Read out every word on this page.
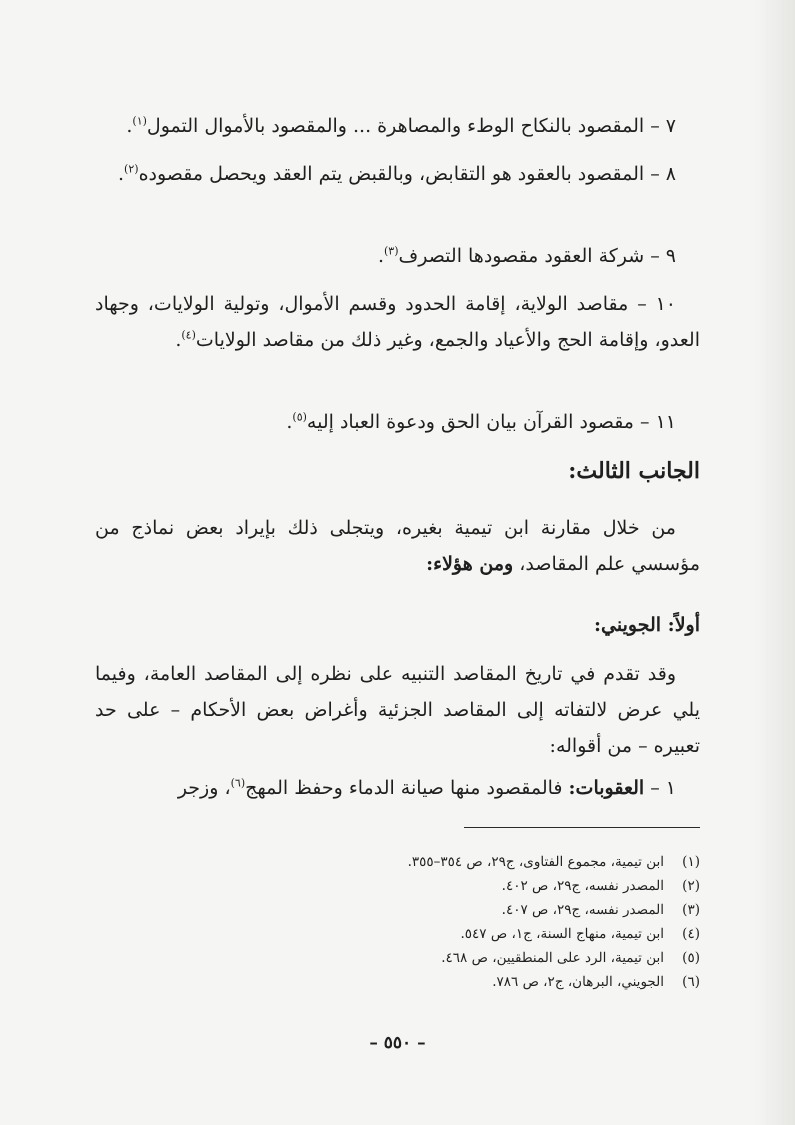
٧ – المقصود بالنكاح الوطء والمصاهرة ... والمقصود بالأموال التمول$^{(١)}$.

٨ – المقصود بالعقود هو التقابض، وبالقبض يتم العقد ويحصل مقصوده$^{(٢)}$.

٩ – شركة العقود مقصودها التصرف$^{(٣)}$.

١٠ – مقاصد الولاية، إقامة الحدود وقسم الأموال، وتولية الولايات، وجهاد العدو، وإقامة الحج والأعياد والجمع، وغير ذلك من مقاصد الولايات$^{(٤)}$.

١١ – مقصود القرآن بيان الحق ودعوة العباد إليه$^{(٥)}$.

الجانب الثالث:

من خلال مقارنة ابن تيمية بغيره، ويتجلى ذلك بإيراد بعض نماذج من مؤسسي علم المقاصد، ومن هؤلاء:

أولاً: الجويني:

وقد تقدم في تاريخ المقاصد التنبيه على نظره إلى المقاصد العامة، وفيما يلي عرض لالتفاته إلى المقاصد الجزئية وأغراض بعض الأحكام – على حد تعبيره – من أقواله:

١ – العقوبات: فالمقصود منها صيانة الدماء وحفظ المهج$^{(٦)}$، وزجر

(١)
ابن تيمية، مجموع الفتاوى، ج٢٩، ص ٣٥٤–٣٥٥.
(٢)
المصدر نفسه، ج٢٩، ص ٤٠٢.
(٣)
المصدر نفسه، ج٢٩، ص ٤٠٧.
(٤)
ابن تيمية، منهاج السنة، ج١، ص ٥٤٧.
(٥)
ابن تيمية، الرد على المنطقيين، ص ٤٦٨.
(٦)
الجويني، البرهان، ج٢، ص ٧٨٦.
– ٥٥٠ –
